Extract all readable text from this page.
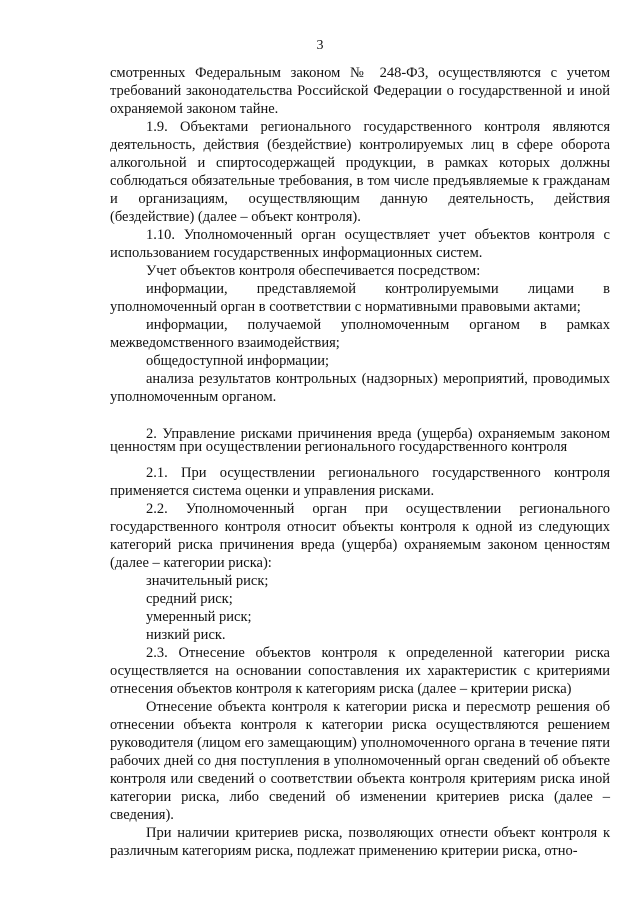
3

смотренных Федеральным законом № 248-ФЗ, осуществляются с учетом требований законодательства Российской Федерации о государственной и иной охраняемой законом тайне.

1.9. Объектами регионального государственного контроля являются деятельность, действия (бездействие) контролируемых лиц в сфере оборота алкогольной и спиртосодержащей продукции, в рамках которых должны соблюдаться обязательные требования, в том числе предъявляемые к гражданам и организациям, осуществляющим данную деятельность, действия (бездействие) (далее – объект контроля).

1.10. Уполномоченный орган осуществляет учет объектов контроля с использованием государственных информационных систем.

Учет объектов контроля обеспечивается посредством:

информации, представляемой контролируемыми лицами в уполномоченный орган в соответствии с нормативными правовыми актами;

информации, получаемой уполномоченным органом в рамках межведомственного взаимодействия;

общедоступной информации;

анализа результатов контрольных (надзорных) мероприятий, проводимых уполномоченным органом.

2. Управление рисками причинения вреда (ущерба) охраняемым законом ценностям при осуществлении регионального государственного контроля

2.1. При осуществлении регионального государственного контроля применяется система оценки и управления рисками.

2.2. Уполномоченный орган при осуществлении регионального государственного контроля относит объекты контроля к одной из следующих категорий риска причинения вреда (ущерба) охраняемым законом ценностям (далее – категории риска):

значительный риск;

средний риск;

умеренный риск;

низкий риск.

2.3. Отнесение объектов контроля к определенной категории риска осуществляется на основании сопоставления их характеристик с критериями отнесения объектов контроля к категориям риска (далее – критерии риска)

Отнесение объекта контроля к категории риска и пересмотр решения об отнесении объекта контроля к категории риска осуществляются решением руководителя (лицом его замещающим) уполномоченного органа в течение пяти рабочих дней со дня поступления в уполномоченный орган сведений об объекте контроля или сведений о соответствии объекта контроля критериям риска иной категории риска, либо сведений об изменении критериев риска (далее – сведения).

При наличии критериев риска, позволяющих отнести объект контроля к различным категориям риска, подлежат применению критерии риска, отно-
